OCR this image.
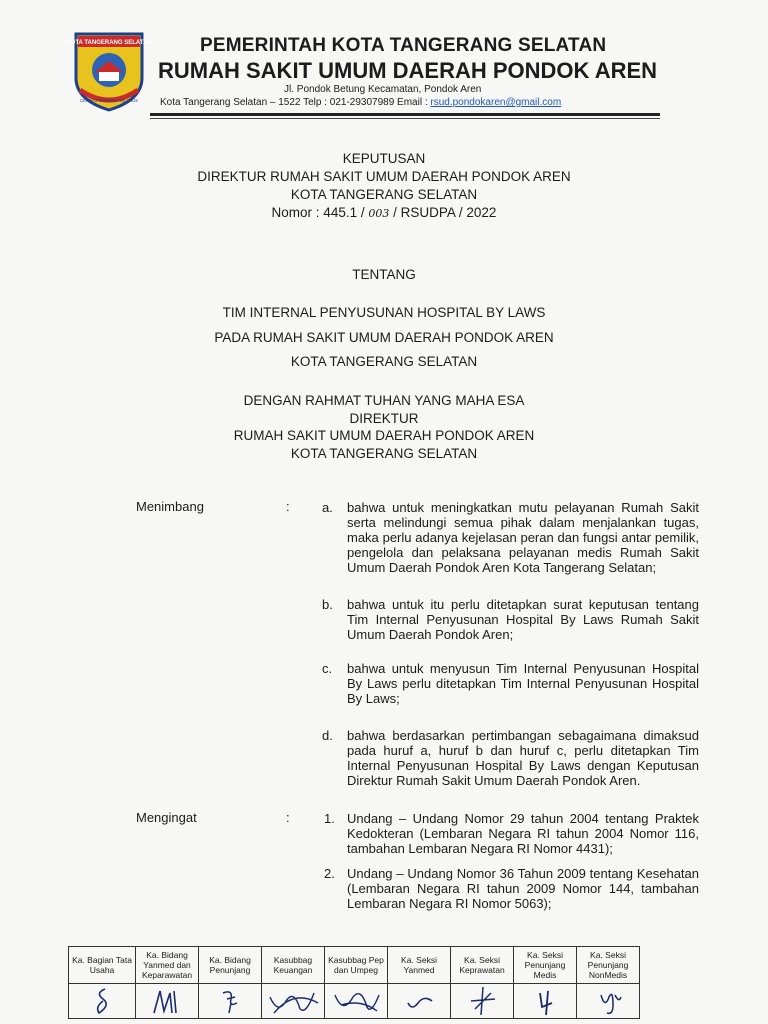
KOTA TANGERANG SELATAN
CERDAS MODERN RELIGIUS
PEMERINTAH KOTA TANGERANG SELATAN
RUMAH SAKIT UMUM DAERAH PONDOK AREN
Jl. Pondok Betung Kecamatan, Pondok Aren
Kota Tangerang Selatan – 1522 Telp : 021-29307989 Email : rsud.pondokaren@gmail.com
KEPUTUSAN
DIREKTUR RUMAH SAKIT UMUM DAERAH PONDOK AREN
KOTA TANGERANG SELATAN
Nomor : 445.1 / 003 / RSUDPA / 2022
TENTANG
TIM INTERNAL PENYUSUNAN HOSPITAL BY LAWS
PADA RUMAH SAKIT UMUM DAERAH PONDOK AREN
KOTA TANGERANG SELATAN
DENGAN RAHMAT TUHAN YANG MAHA ESA
DIREKTUR
RUMAH SAKIT UMUM DAERAH PONDOK AREN
KOTA TANGERANG SELATAN
Menimbang	: a. bahwa untuk meningkatkan mutu pelayanan Rumah Sakit serta melindungi semua pihak dalam menjalankan tugas, maka perlu adanya kejelasan peran dan fungsi antar pemilik, pengelola dan pelaksana pelayanan medis Rumah Sakit Umum Daerah Pondok Aren Kota Tangerang Selatan;
b. bahwa untuk itu perlu ditetapkan surat keputusan tentang Tim Internal Penyusunan Hospital By Laws Rumah Sakit Umum Daerah Pondok Aren;
c. bahwa untuk menyusun Tim Internal Penyusunan Hospital By Laws perlu ditetapkan Tim Internal Penyusunan Hospital By Laws;
d. bahwa berdasarkan pertimbangan sebagaimana dimaksud pada huruf a, huruf b dan huruf c, perlu ditetapkan Tim Internal Penyusunan Hospital By Laws dengan Keputusan Direktur Rumah Sakit Umum Daerah Pondok Aren.
Mengingat	:	1. Undang – Undang Nomor 29 tahun 2004 tentang Praktek Kedokteran (Lembaran Negara RI tahun 2004 Nomor 116, tambahan Lembaran Negara RI Nomor 4431);
2. Undang – Undang Nomor 36 Tahun 2009 tentang Kesehatan (Lembaran Negara RI tahun 2009 Nomor 144, tambahan Lembaran Negara RI Nomor 5063);
Ka. Bagian Tata Usaha	Ka. Bidang Yanmed dan Keparawatan	Ka. Bidang Penunjang	Kasubbag Keuangan	Kasubbag Pep dan Umpeg	Ka. Seksi Yanmed	Ka. Seksi Keprawatan	Ka. Seksi Penunjang Medis	Ka. Seksi Penunjang NonMedis
